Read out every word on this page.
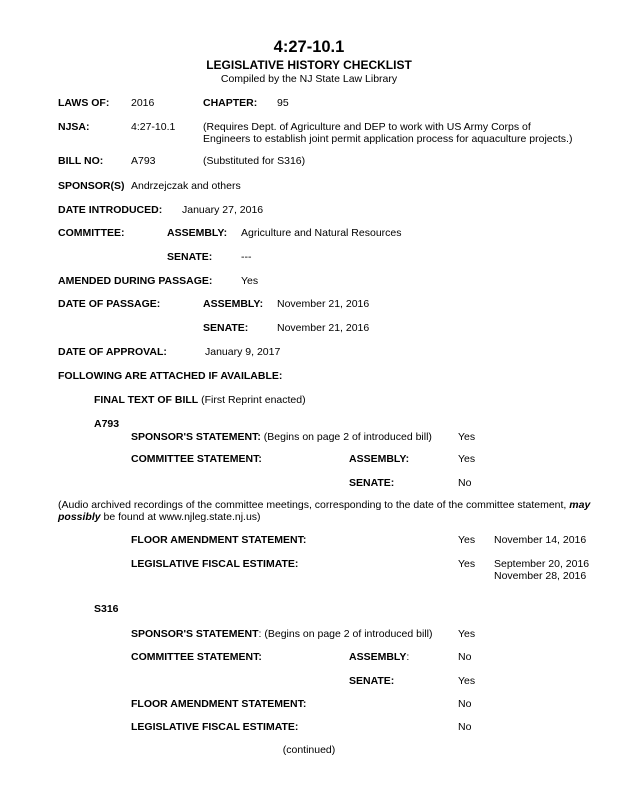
4:27-10.1
LEGISLATIVE HISTORY CHECKLIST
Compiled by the NJ State Law Library
LAWS OF: 2016	CHAPTER: 95
NJSA:	4:27-10.1	(Requires Dept. of Agriculture and DEP to work with US Army Corps of Engineers to establish joint permit application process for aquaculture projects.)
BILL NO:	A793	(Substituted for S316)
SPONSOR(S) Andrzejczak and others
DATE INTRODUCED: January 27, 2016
COMMITTEE:	ASSEMBLY: Agriculture and Natural Resources
SENATE:	---
AMENDED DURING PASSAGE:	Yes
DATE OF PASSAGE:	ASSEMBLY: November 21, 2016
SENATE:	November 21, 2016
DATE OF APPROVAL:	January 9, 2017
FOLLOWING ARE ATTACHED IF AVAILABLE:
FINAL TEXT OF BILL (First Reprint enacted)
A793
SPONSOR'S STATEMENT: (Begins on page 2 of introduced bill) Yes
COMMITTEE STATEMENT:	ASSEMBLY:	Yes
SENATE:	No
(Audio archived recordings of the committee meetings, corresponding to the date of the committee statement, may possibly be found at www.njleg.state.nj.us)
FLOOR AMENDMENT STATEMENT:	Yes November 14, 2016
LEGISLATIVE FISCAL ESTIMATE:	Yes September 20, 2016
November 28, 2016
S316
SPONSOR'S STATEMENT: (Begins on page 2 of introduced bill) Yes
COMMITTEE STATEMENT:	ASSEMBLY:	No
SENATE:	Yes
FLOOR AMENDMENT STATEMENT:	No
LEGISLATIVE FISCAL ESTIMATE:	No
(continued)
